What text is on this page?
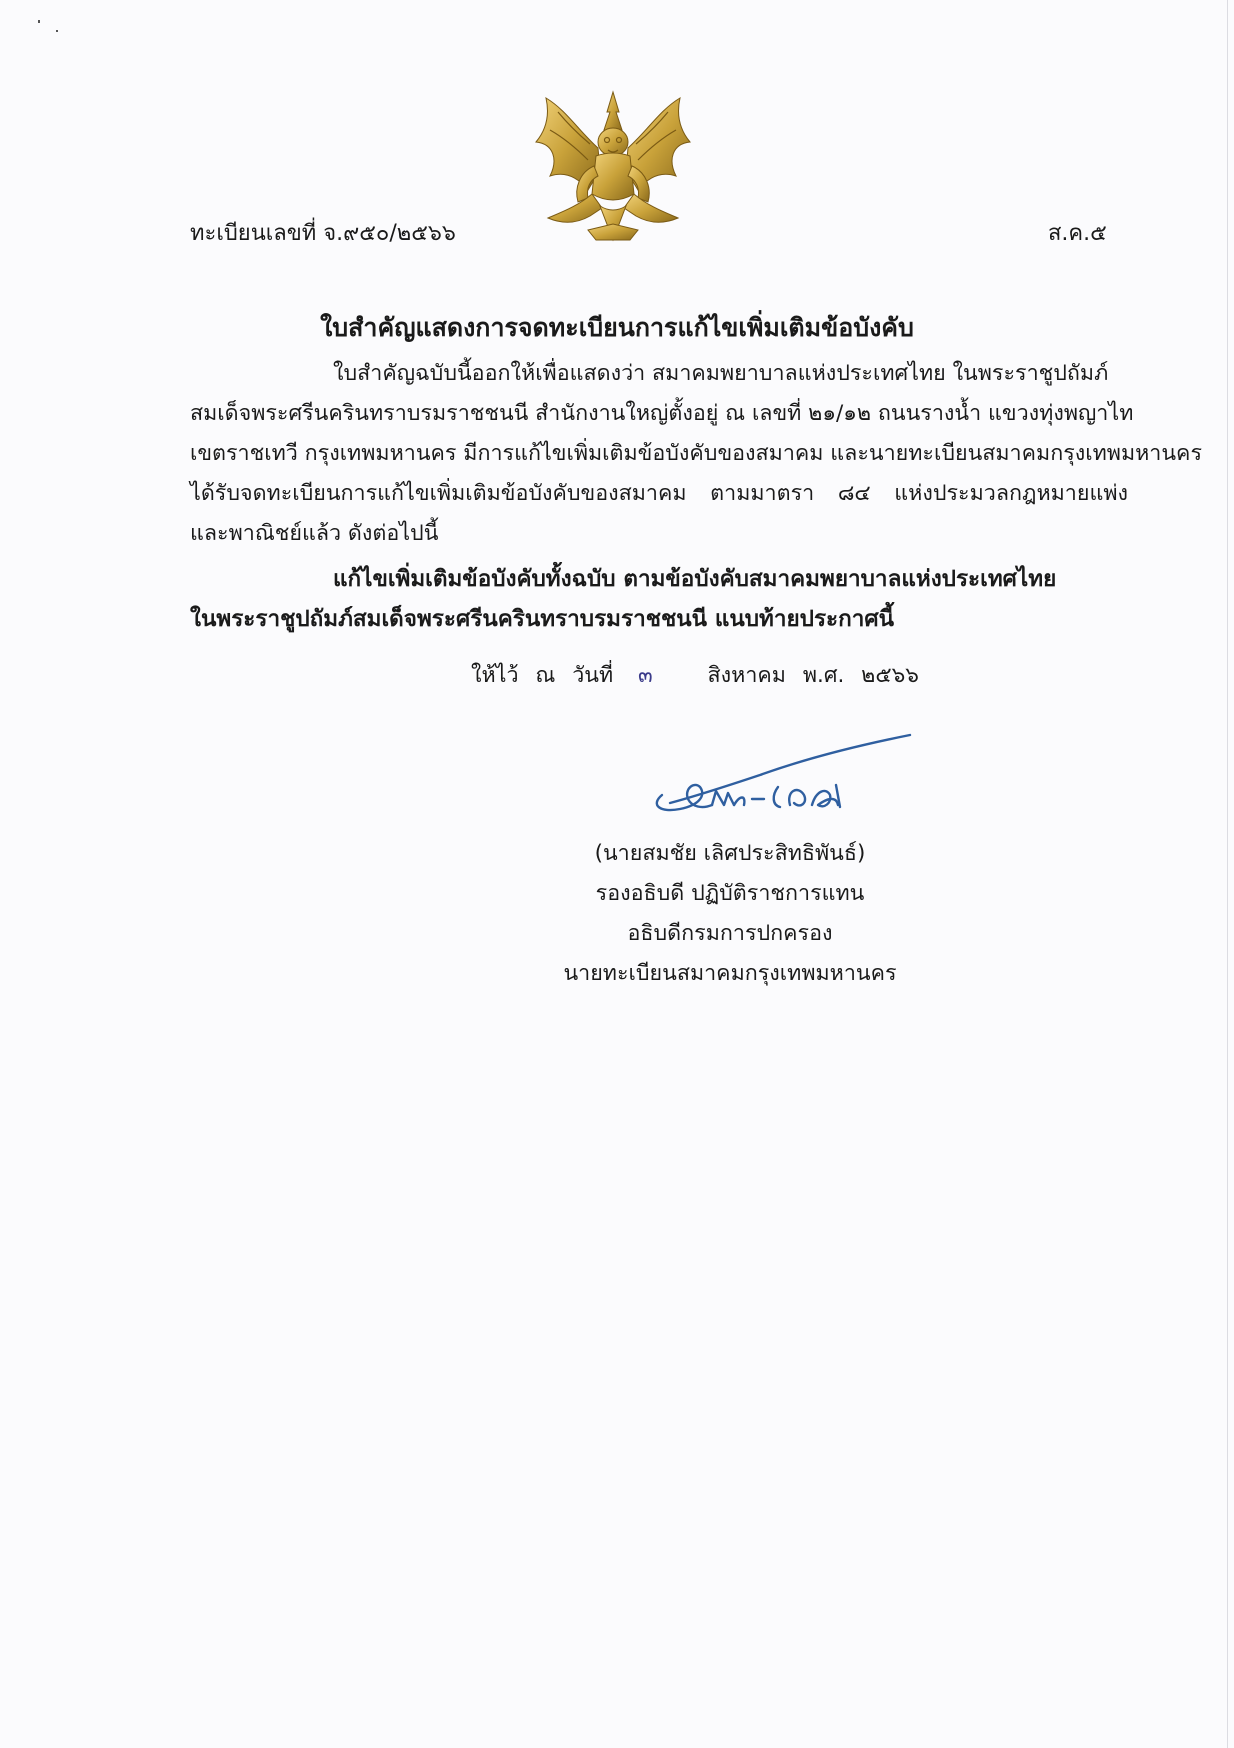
ทะเบียนเลขที่ จ.๙๕๐/๒๕๖๖	ส.ค.๕
ใบสำคัญแสดงการจดทะเบียนการแก้ไขเพิ่มเติมข้อบังคับ
ใบสำคัญฉบับนี้ออกให้เพื่อแสดงว่า สมาคมพยาบาลแห่งประเทศไทย ในพระราชูปถัมภ์
สมเด็จพระศรีนครินทราบรมราชชนนี สำนักงานใหญ่ตั้งอยู่ ณ เลขที่ ๒๑/๑๒ ถนนรางน้ำ แขวงทุ่งพญาไท
เขตราชเทวี กรุงเทพมหานคร มีการแก้ไขเพิ่มเติมข้อบังคับของสมาคม และนายทะเบียนสมาคมกรุงเทพมหานคร
ได้รับจดทะเบียนการแก้ไขเพิ่มเติมข้อบังคับของสมาคม ตามมาตรา ๘๔ แห่งประมวลกฎหมายแพ่ง
และพาณิชย์แล้ว ดังต่อไปนี้
แก้ไขเพิ่มเติมข้อบังคับทั้งฉบับ ตามข้อบังคับสมาคมพยาบาลแห่งประเทศไทย
ในพระราชูปถัมภ์สมเด็จพระศรีนครินทราบรมราชชนนี แนบท้ายประกาศนี้
ให้ไว้ ณ วันที่ ๓	สิงหาคม พ.ศ. ๒๕๖๖
(นายสมชัย เลิศประสิทธิพันธ์)
รองอธิบดี ปฏิบัติราชการแทน
อธิบดีกรมการปกครอง
นายทะเบียนสมาคมกรุงเทพมหานคร
